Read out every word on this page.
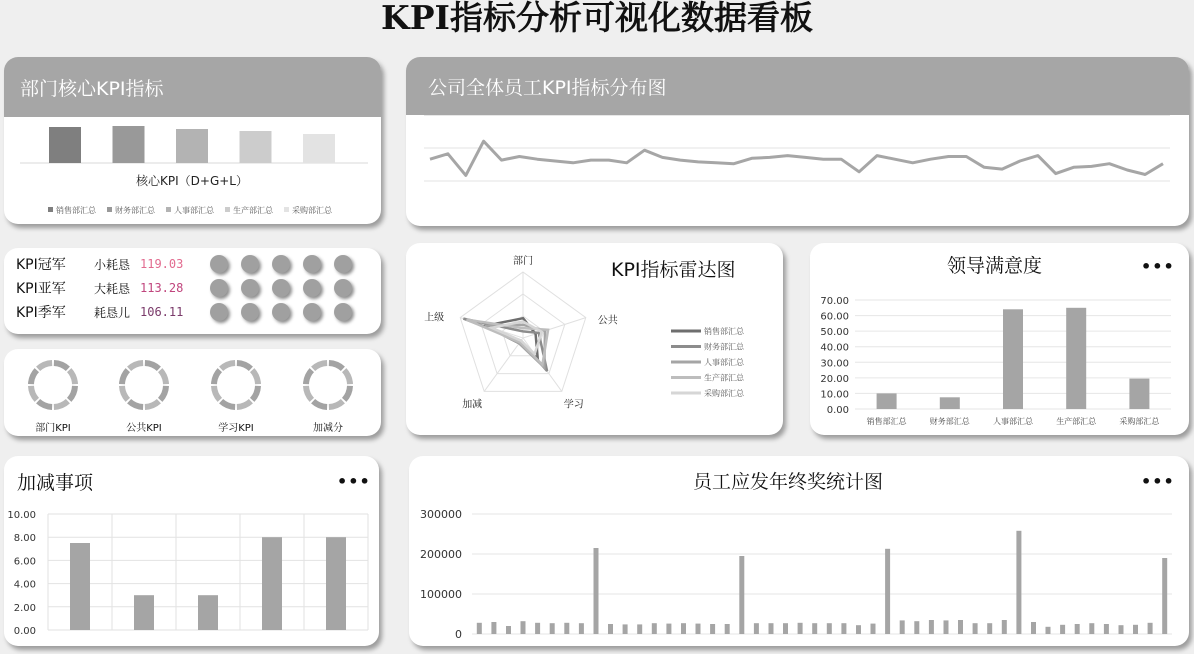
KPI指标分析可视化数据看板
部门核心KPI指标
核心KPI（D+G+L）
销售部汇总 财务部汇总 人事部汇总 生产部汇总 采购部汇总
公司全体员工KPI指标分布图
KPI冠军	小耗恳 119.03
KPI亚军	大耗恳 113.28
KPI季军	耗恳儿 106.11
部门KPI	公共KPI	学习KPI	加减分
KPI指标雷达图
部门
公共
学习
加减
上级
销售部汇总
财务部汇总
人事部汇总
生产部汇总
采购部汇总
领导满意度	•••
70.00
60.00
50.00
40.00
30.00
20.00
10.00
0.00
销售部汇总	财务部汇总	人事部汇总	生产部汇总	采购部汇总
加减事项	•••
10.00
8.00
6.00
4.00
2.00
0.00
员工应发年终奖统计图	•••
300000
200000
100000
0
